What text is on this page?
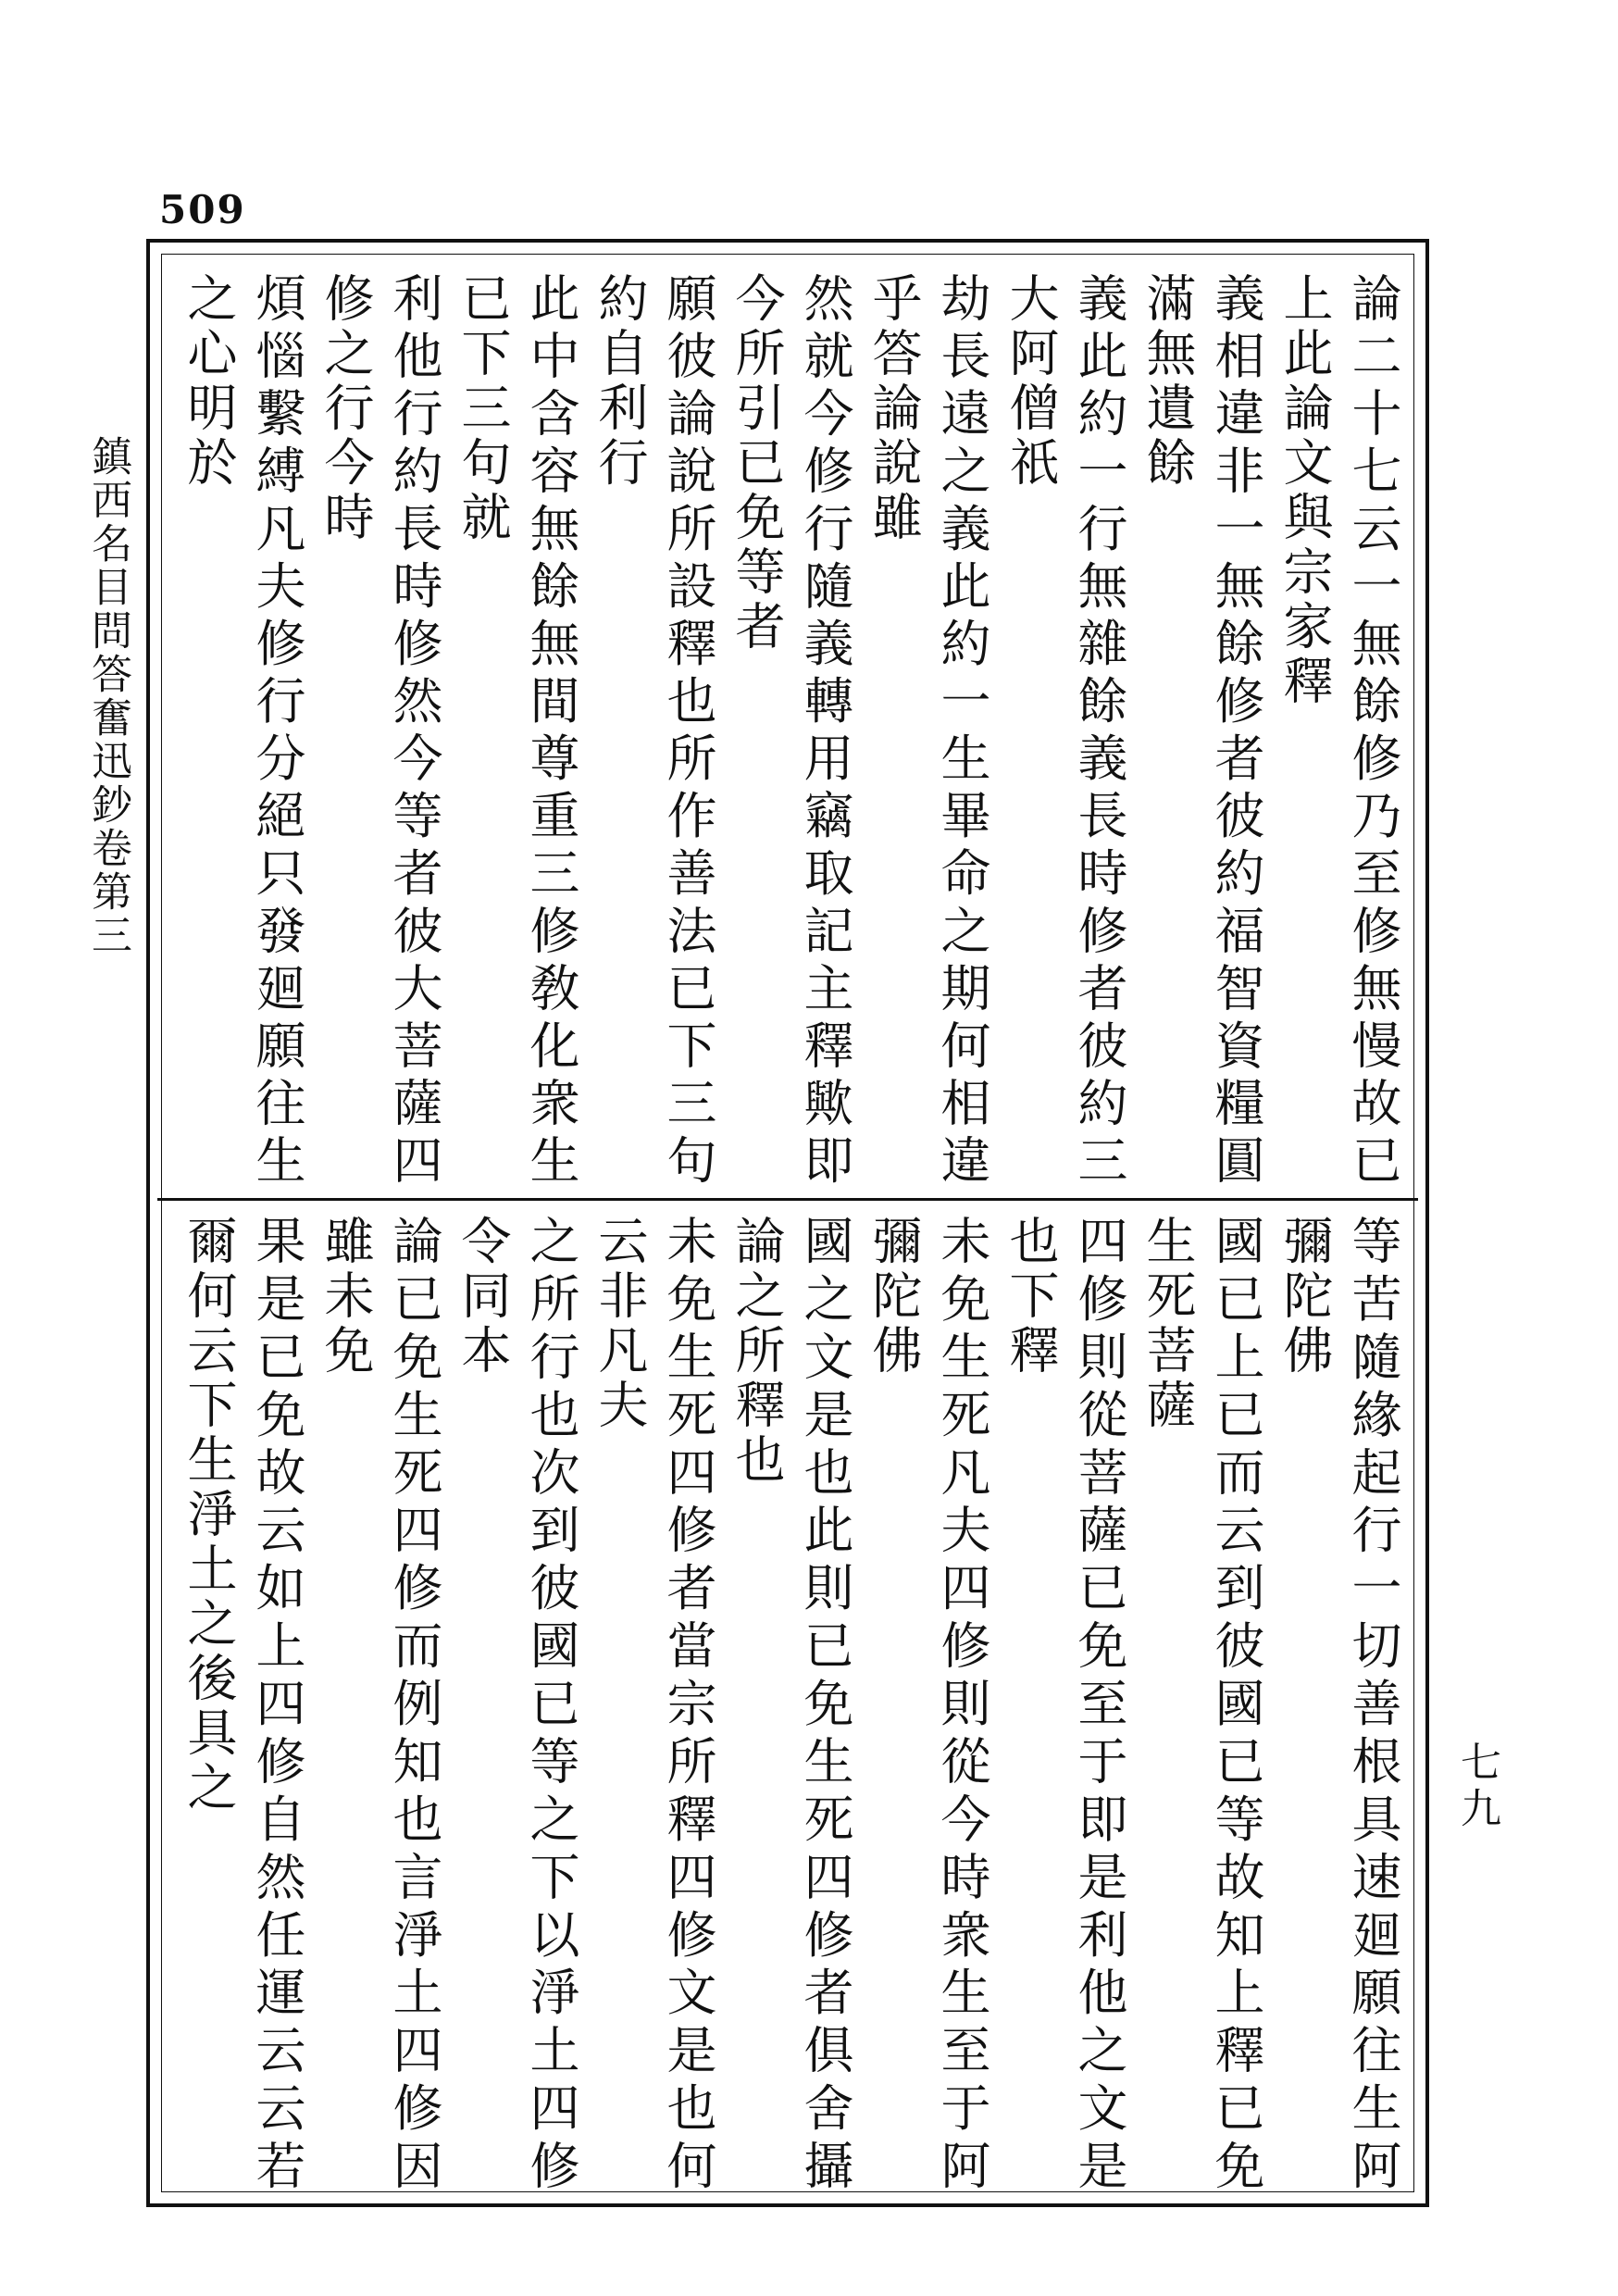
509
鎮西名目問答奮迅鈔卷第三
七九
論二十七云一無餘修乃至修無慢故已上此論文與宗家釋
義相違非一無餘修者彼約福智資糧圓滿無遺餘
義此約一行無雜餘義長時修者彼約三大阿僧祇
劫長遠之義此約一生畢命之期何相違乎答論說雖
然就今修行隨義轉用竊取記主釋歟即今所引已免等者
願彼論說所設釋也所作善法已下三句約自利行
此中含容無餘無間尊重三修敎化衆生已下三句就
利他行約長時修然今等者彼大菩薩四修之行今時
煩惱繫縛凡夫修行分絕只發廻願往生之心明於
等苦隨緣起行一切善根具速廻願往生阿彌陀佛
國已上已而云到彼國已等故知上釋已免生死菩薩
四修則從菩薩已免至于即是利他之文是也下釋
未免生死凡夫四修則從今時衆生至于阿彌陀佛
國之文是也此則已免生死四修者俱舍攝論之所釋也
未免生死四修者當宗所釋四修文是也何云非凡夫
之所行也次到彼國已等之下以淨土四修令同本
論已免生死四修而例知也言淨土四修因雖未免
果是已免故云如上四修自然任運云云若爾何云下生淨土之後具之
